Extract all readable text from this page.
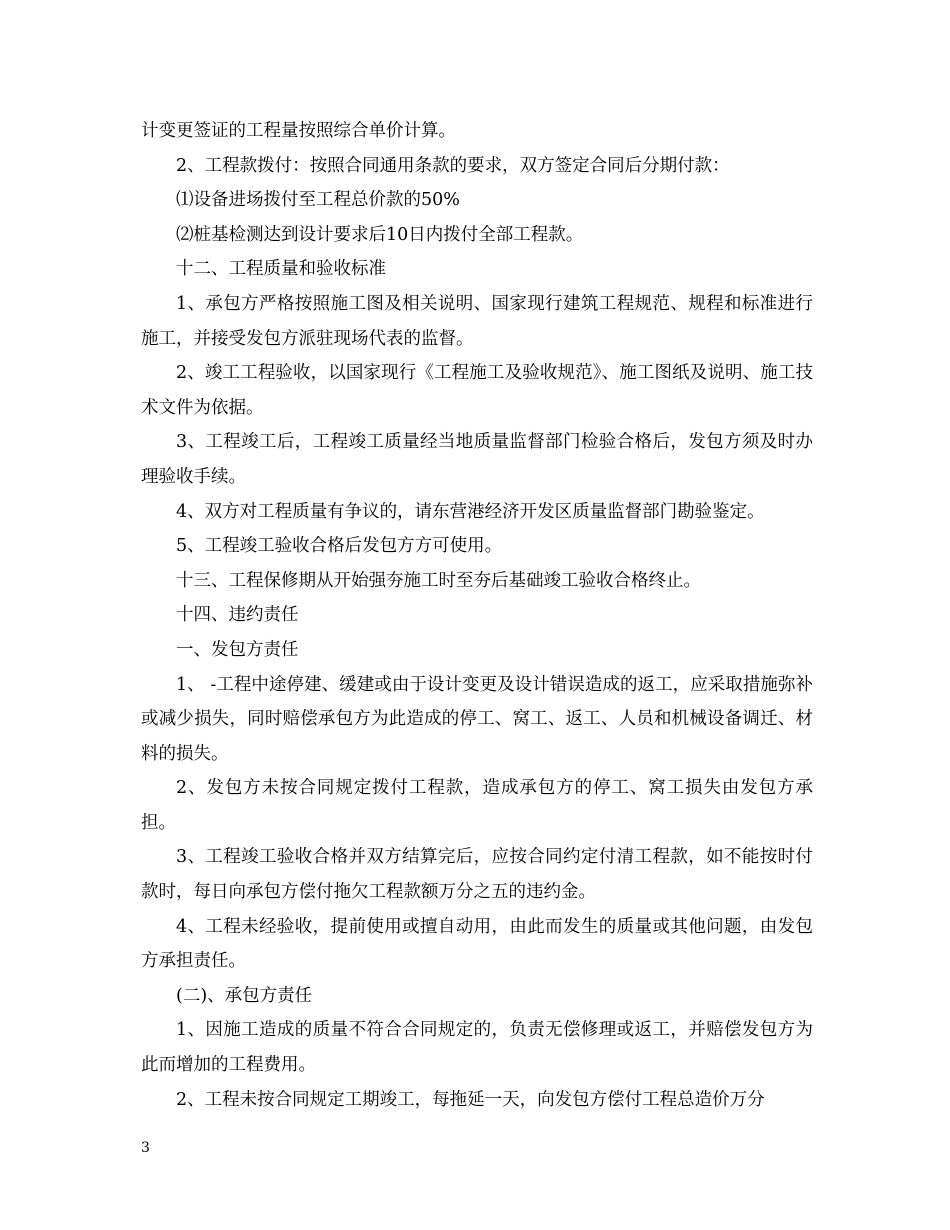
计变更签证的工程量按照综合单价计算。

2、工程款拨付：按照合同通用条款的要求，双方签定合同后分期付款：

⑴设备进场拨付至工程总价款的50%

⑵桩基检测达到设计要求后10日内拨付全部工程款。

十二、工程质量和验收标准

1、承包方严格按照施工图及相关说明、国家现行建筑工程规范、规程和标准进行施工，并接受发包方派驻现场代表的监督。

2、竣工工程验收，以国家现行《工程施工及验收规范》、施工图纸及说明、施工技术文件为依据。

3、工程竣工后，工程竣工质量经当地质量监督部门检验合格后，发包方须及时办理验收手续。

4、双方对工程质量有争议的，请东营港经济开发区质量监督部门勘验鉴定。

5、工程竣工验收合格后发包方方可使用。

十三、工程保修期从开始强夯施工时至夯后基础竣工验收合格终止。

十四、违约责任

一、发包方责任

1、 -工程中途停建、缓建或由于设计变更及设计错误造成的返工，应采取措施弥补或减少损失，同时赔偿承包方为此造成的停工、窝工、返工、人员和机械设备调迁、材料的损失。

2、发包方未按合同规定拨付工程款，造成承包方的停工、窝工损失由发包方承担。

3、工程竣工验收合格并双方结算完后，应按合同约定付清工程款，如不能按时付款时，每日向承包方偿付拖欠工程款额万分之五的违约金。

4、工程未经验收，提前使用或擅自动用，由此而发生的质量或其他问题，由发包方承担责任。

(二)、承包方责任

1、因施工造成的质量不符合合同规定的，负责无偿修理或返工，并赔偿发包方为此而增加的工程费用。

2、工程未按合同规定工期竣工，每拖延一天，向发包方偿付工程总造价万分

3
